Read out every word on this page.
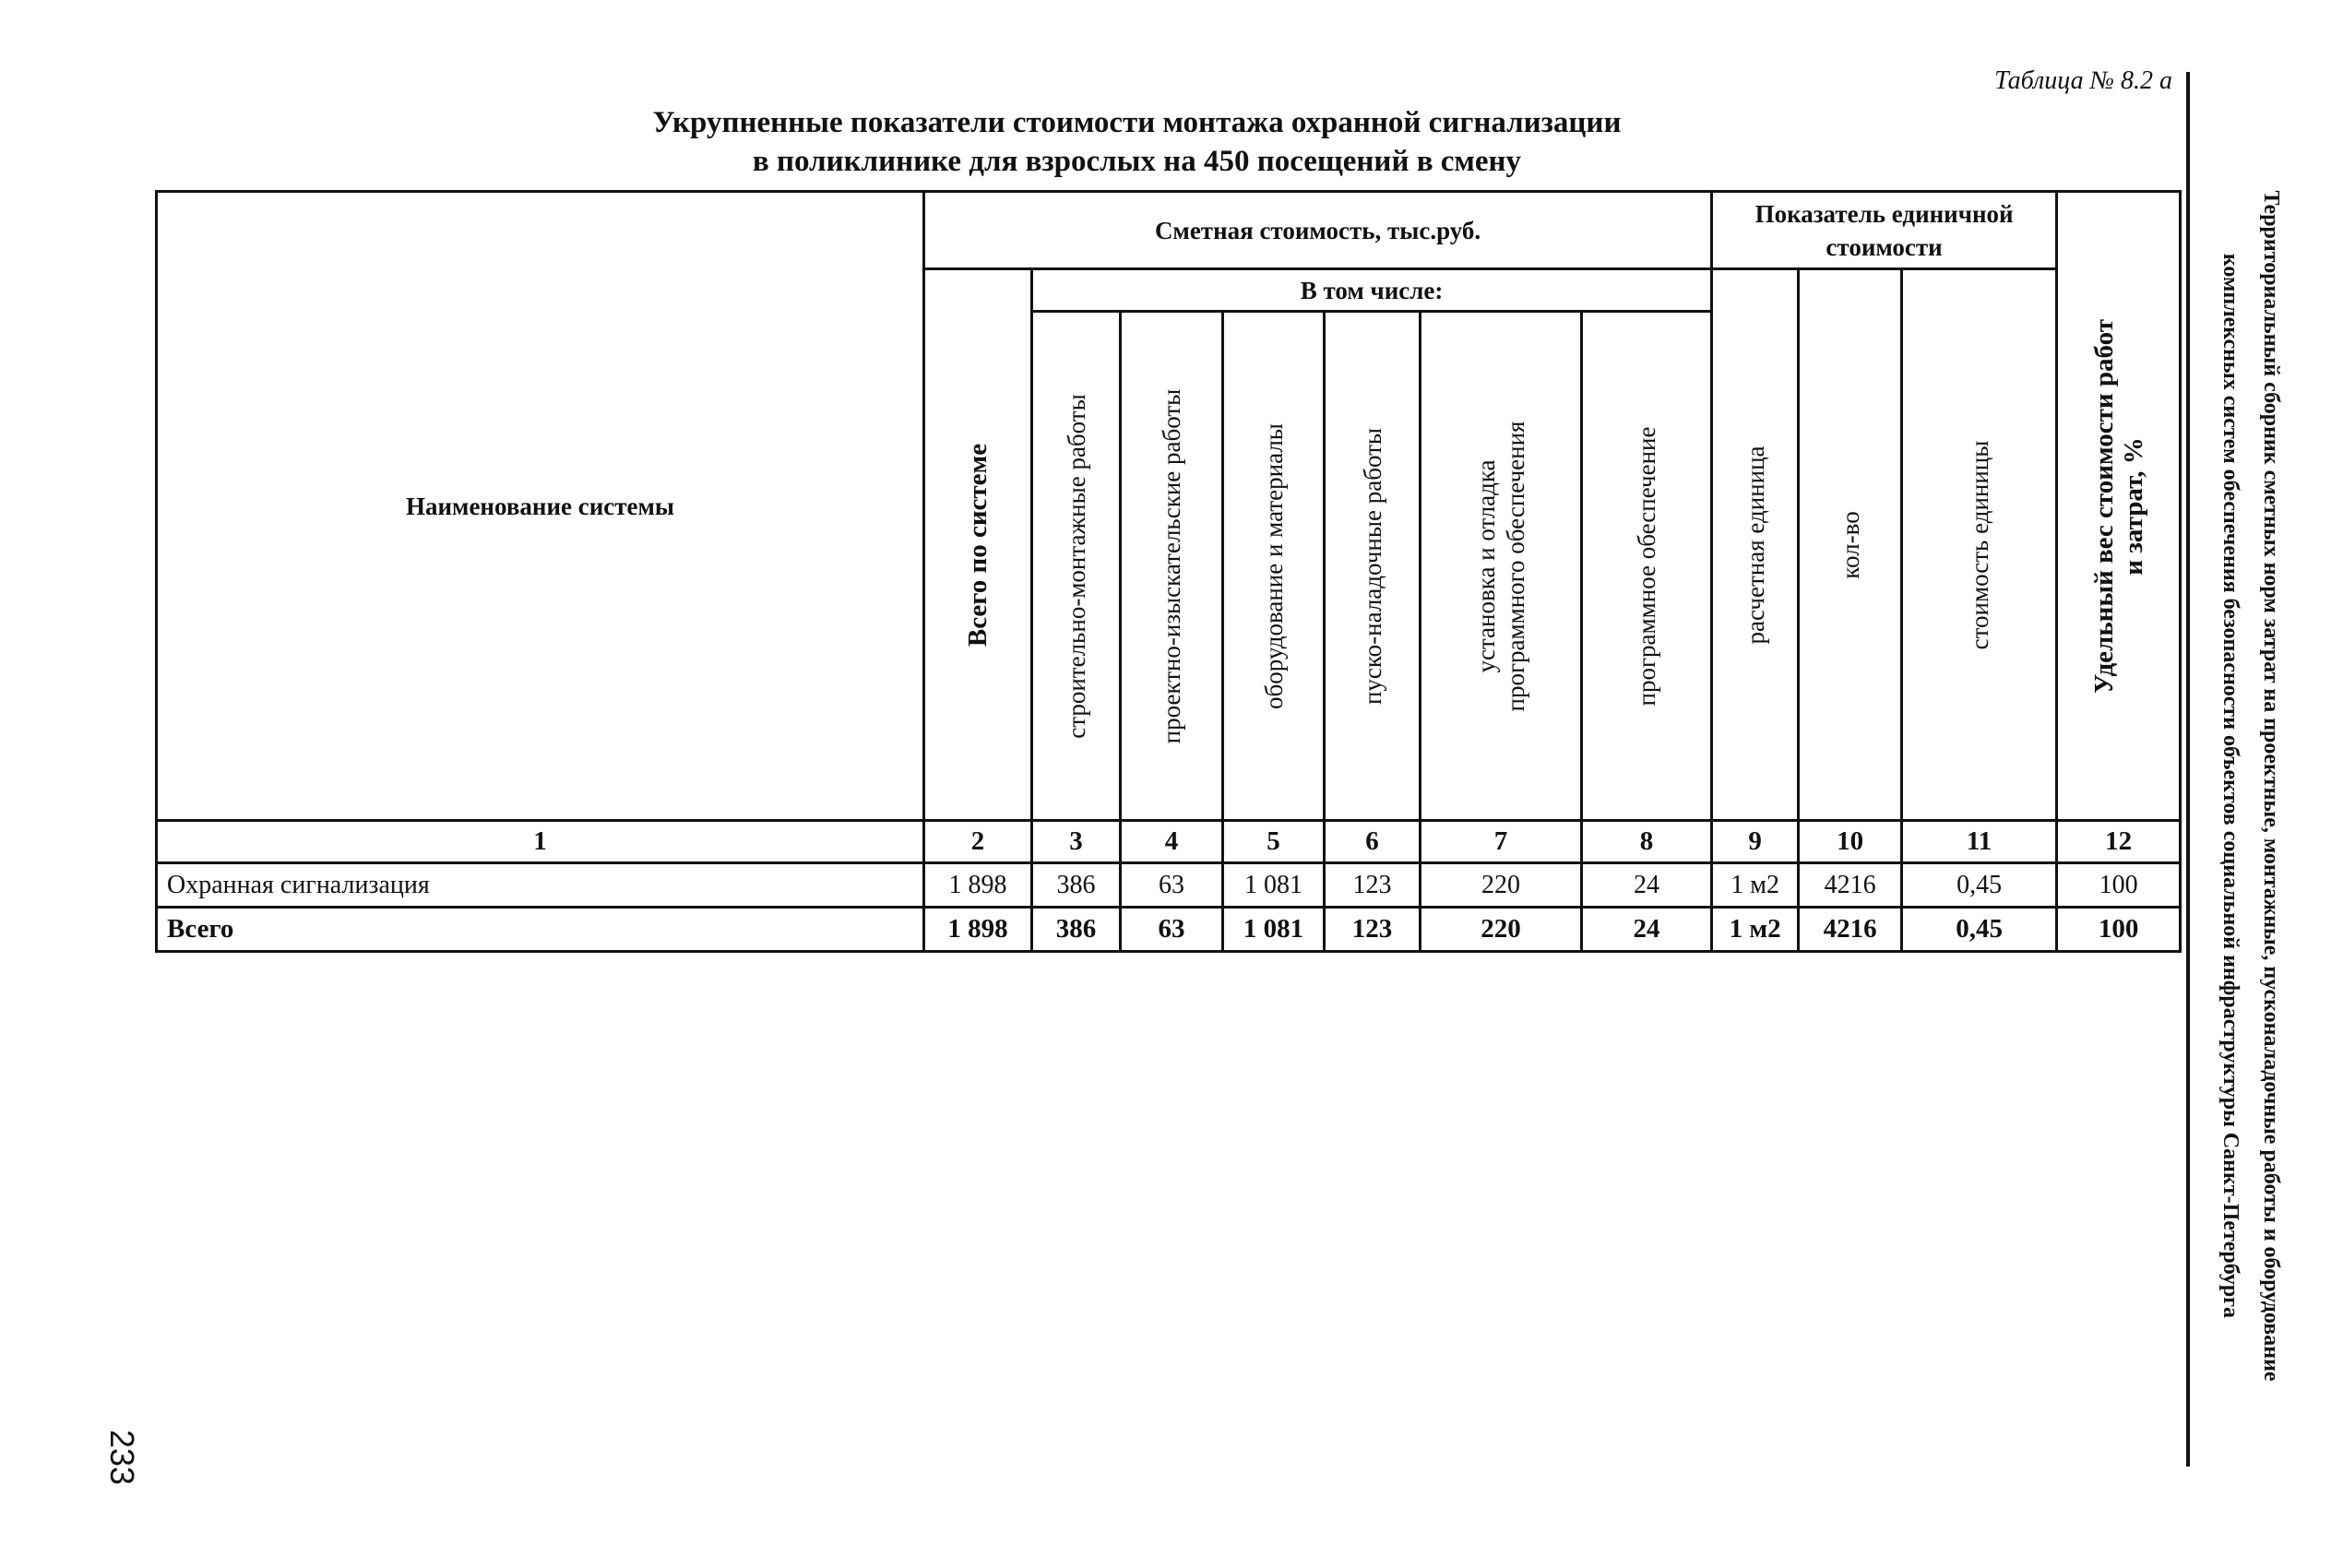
Таблица № 8.2 а
Укрупненные показатели стоимости монтажа охранной сигнализации
в поликлинике для взрослых на 450 посещений в смену
Наименование системы	Сметная стоимость, тыс.руб.							Показатель единичной стоимости			Удельный вес стоимости работ
и затрат, %

	Всего по системе	В том числе:						расчетная единица	кол-во	стоимость единицы	

		строительно-монтажные работы	проектно-изыскательские работы	оборудование и материалы	пуско-наладочные работы	установка и отладка
программного обеспечения	программное обеспечение				

1	2	3	4	5	6	7	8	9	10	11	12
Охранная сигнализация	1 898	386	63	1 081	123	220	24	1 м2	4216	0,45	100
Всего	1 898	386	63	1 081	123	220	24	1 м2	4216	0,45	100	Территориальный сборник сметных норм затрат на проектные, монтажные, пусконаладочные работы и оборудование
комплексных систем обеспечения безопасности объектов социальной инфраструктуры Санкт-Петербурга
233
